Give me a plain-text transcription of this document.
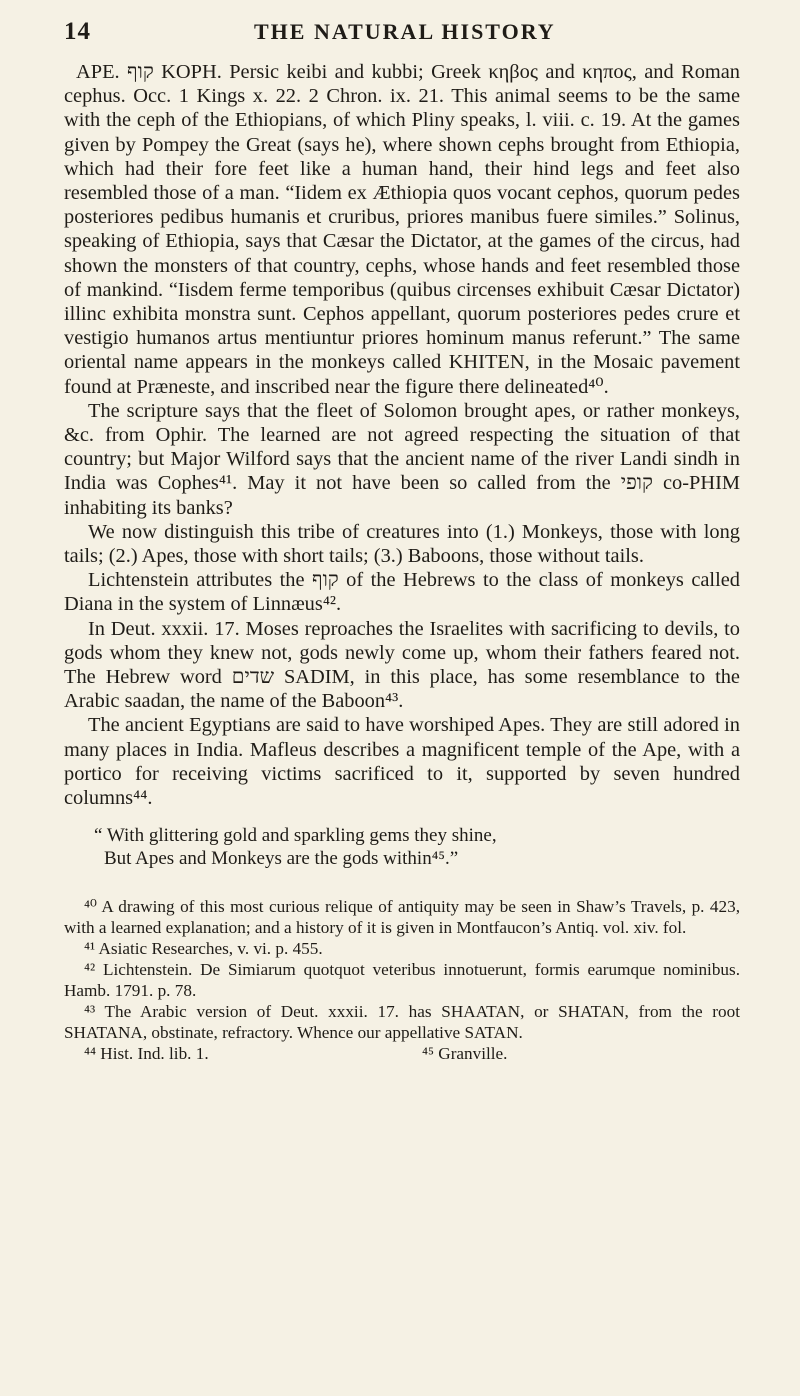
14	THE NATURAL HISTORY

APE. קוף KOPH. Persic keibi and kubbi; Greek κηβος and κηπος, and Roman cephus. Occ. 1 Kings x. 22. 2 Chron. ix. 21. This animal seems to be the same with the ceph of the Ethiopians, of which Pliny speaks, l. viii. c. 19. At the games given by Pompey the Great (says he), where shown cephs brought from Ethiopia, which had their fore feet like a human hand, their hind legs and feet also resembled those of a man. “Iidem ex Æthiopia quos vocant cephos, quorum pedes posteriores pedibus humanis et cruribus, priores manibus fuere similes.” Solinus, speaking of Ethiopia, says that Cæsar the Dictator, at the games of the circus, had shown the monsters of that country, cephs, whose hands and feet resembled those of mankind. “Iisdem ferme temporibus (quibus circenses exhibuit Cæsar Dictator) illinc exhibita monstra sunt. Cephos appellant, quorum posteriores pedes crure et vestigio humanos artus mentiuntur priores hominum manus referunt.” The same oriental name appears in the monkeys called KHITEN, in the Mosaic pavement found at Præneste, and inscribed near the figure there delineated⁴⁰.

The scripture says that the fleet of Solomon brought apes, or rather monkeys, &c. from Ophir. The learned are not agreed respecting the situation of that country; but Major Wilford says that the ancient name of the river Landi sindh in India was Cophes⁴¹. May it not have been so called from the קופי co-PHIM inhabiting its banks?

We now distinguish this tribe of creatures into (1.) Monkeys, those with long tails; (2.) Apes, those with short tails; (3.) Baboons, those without tails.

Lichtenstein attributes the קוף of the Hebrews to the class of monkeys called Diana in the system of Linnæus⁴².

In Deut. xxxii. 17. Moses reproaches the Israelites with sacrificing to devils, to gods whom they knew not, gods newly come up, whom their fathers feared not. The Hebrew word שדים SADIM, in this place, has some resemblance to the Arabic saadan, the name of the Baboon⁴³.

The ancient Egyptians are said to have worshiped Apes. They are still adored in many places in India. Mafleus describes a magnificent temple of the Ape, with a portico for receiving victims sacrificed to it, supported by seven hundred columns⁴⁴.

“ With glittering gold and sparkling gems they shine,
But Apes and Monkeys are the gods within⁴⁵.”

⁴⁰ A drawing of this most curious relique of antiquity may be seen in Shaw’s Travels, p. 423, with a learned explanation; and a history of it is given in Montfaucon’s Antiq. vol. xiv. fol.

⁴¹ Asiatic Researches, v. vi. p. 455.

⁴² Lichtenstein. De Simiarum quotquot veteribus innotuerunt, formis earumque nominibus. Hamb. 1791. p. 78.

⁴³ The Arabic version of Deut. xxxii. 17. has SHAATAN, or SHATAN, from the root SHATANA, obstinate, refractory. Whence our appellative SATAN.

⁴⁴ Hist. Ind. lib. 1.	⁴⁵ Granville.
